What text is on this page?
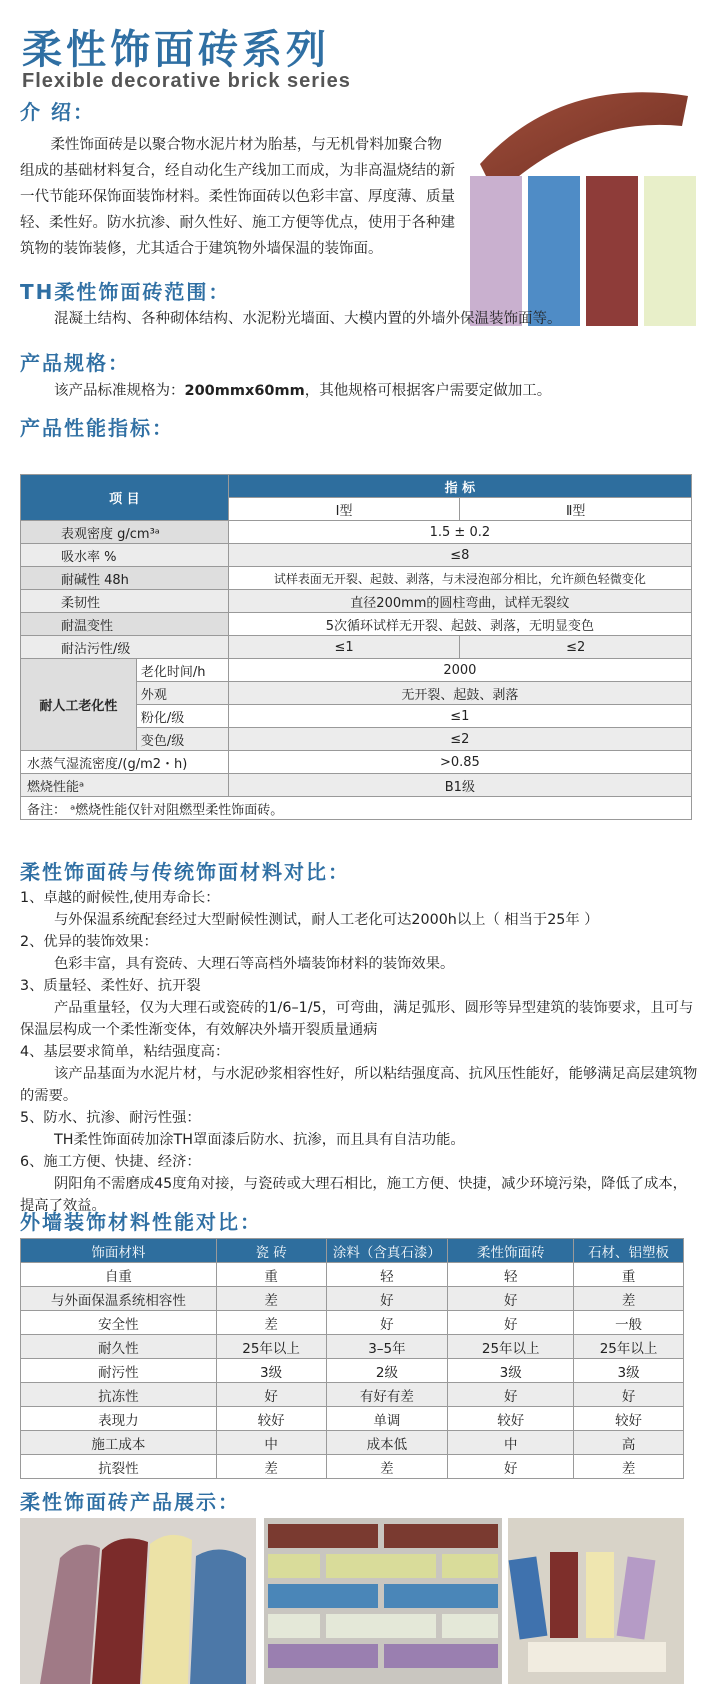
柔性饰面砖系列
Flexible decorative brick series
介 绍：
柔性饰面砖是以聚合物水泥片材为胎基，与无机骨料加聚合物组成的基础材料复合，经自动化生产线加工而成，为非高温烧结的新一代节能环保饰面装饰材料。柔性饰面砖以色彩丰富、厚度薄、质量轻、柔性好。防水抗渗、耐久性好、施工方便等优点，使用于各种建筑物的装饰装修，尤其适合于建筑物外墙保温的装饰面。
TH柔性饰面砖范围：
混凝土结构、各种砌体结构、水泥粉光墙面、大模内置的外墙外保温装饰面等。
产品规格：
该产品标准规格为：200mmx60mm，其他规格可根据客户需要定做加工。
产品性能指标：
项 目		指 标	
		Ⅰ型	Ⅱ型
表观密度 g/cm³ᵃ		1.5 ± 0.2	
吸水率 %		≤8	
耐碱性 48h		试样表面无开裂、起鼓、剥落，与未浸泡部分相比，允许颜色轻微变化	
柔韧性		直径200mm的圆柱弯曲，试样无裂纹	
耐温变性		5次循环试样无开裂、起鼓、剥落，无明显变色	
耐沾污性/级		≤1	≤2
耐人工老化性	老化时间/h	2000	
	外观	无开裂、起鼓、剥落	
	粉化/级	≤1	
	变色/级	≤2	
水蒸气湿流密度/(g/m2・h)		>0.85	
燃烧性能ᵃ		B1级	
备注： ᵃ燃烧性能仅针对阻燃型柔性饰面砖。			
柔性饰面砖与传统饰面材料对比：
1、卓越的耐候性,使用寿命长：
与外保温系统配套经过大型耐候性测试，耐人工老化可达2000h以上（ 相当于25年 ）
2、优异的装饰效果：
色彩丰富，具有瓷砖、大理石等高档外墙装饰材料的装饰效果。
3、质量轻、柔性好、抗开裂
产品重量轻，仅为大理石或瓷砖的1/6–1/5，可弯曲，满足弧形、圆形等异型建筑的装饰要求，且可与保温层构成一个柔性渐变体，有效解决外墙开裂质量通病
4、基层要求简单，粘结强度高：
该产品基面为水泥片材，与水泥砂浆相容性好，所以粘结强度高、抗风压性能好，能够满足高层建筑物的需要。
5、防水、抗渗、耐污性强：
TH柔性饰面砖加涂TH罩面漆后防水、抗渗，而且具有自洁功能。
6、施工方便、快捷、经济：
阴阳角不需磨成45度角对接，与瓷砖或大理石相比，施工方便、快捷，减少环境污染，降低了成本，提高了效益。
外墙装饰材料性能对比：
饰面材料	瓷 砖	涂料（含真石漆）	柔性饰面砖	石材、铝塑板
自重	重	轻	轻	重
与外面保温系统相容性	差	好	好	差
安全性	差	好	好	一般
耐久性	25年以上	3–5年	25年以上	25年以上
耐污性	3级	2级	3级	3级
抗冻性	好	有好有差	好	好
表现力	较好	单调	较好	较好
施工成本	中	成本低	中	高
抗裂性	差	差	好	差
柔性饰面砖产品展示：
